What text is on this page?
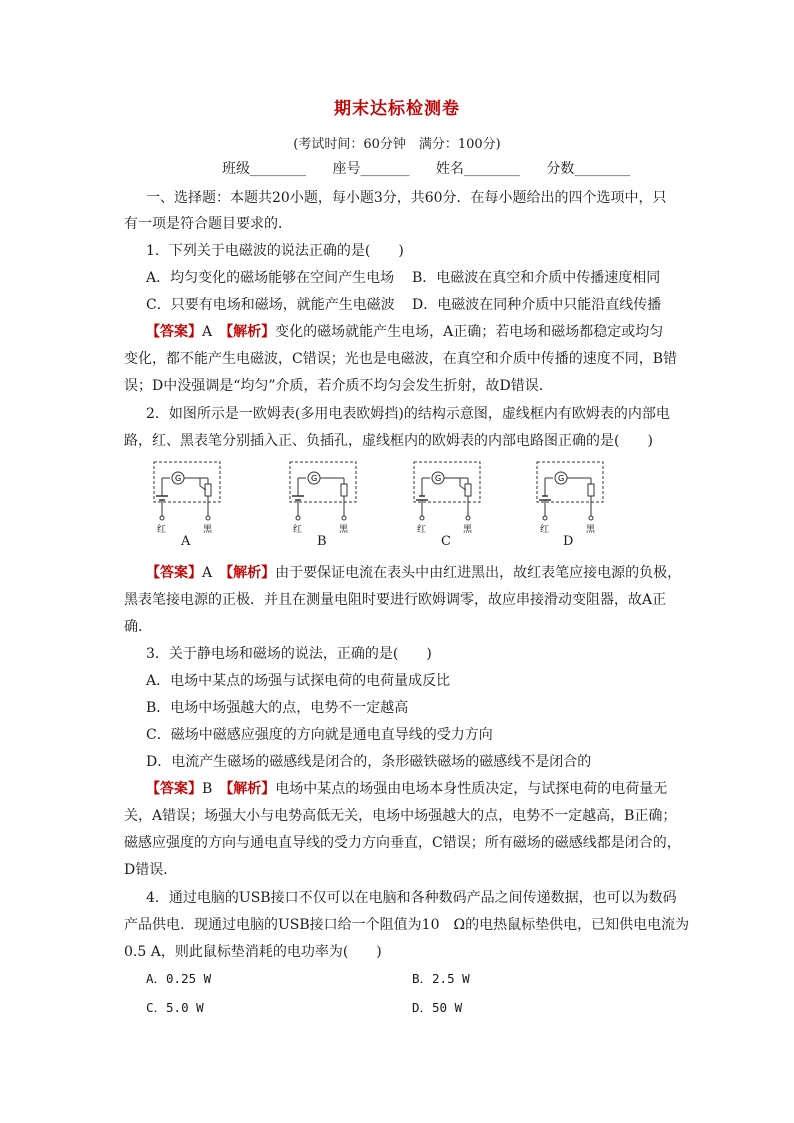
期末达标检测卷
(考试时间：60分钟　满分：100分)
班级________ 座号_______ 姓名________ 分数________
一、选择题：本题共20小题，每小题3分，共60分．在每小题给出的四个选项中，只
有一项是符合题目要求的．
1．下列关于电磁波的说法正确的是(　　)
A．均匀变化的磁场能够在空间产生电场 B．电磁波在真空和介质中传播速度相同
C．只要有电场和磁场，就能产生电磁波 D．电磁波在同种介质中只能沿直线传播
【答案】A　 【解析】变化的磁场就能产生电场，A正确；若电场和磁场都稳定或均匀
变化，都不能产生电磁波，C错误；光也是电磁波，在真空和介质中传播的速度不同，B错
误；D中没强调是“均匀”介质，若介质不均匀会发生折射，故D错误．
2．如图所示是一欧姆表(多用电表欧姆挡)的结构示意图，虚线框内有欧姆表的内部电
路，红、黑表笔分别插入正、负插孔，虚线框内的欧姆表的内部电路图正确的是(　　)
G
红	黑
G
红	黑
G
红	黑
G
红	黑
A	B	C	D
【答案】A　 【解析】由于要保证电流在表头中由红进黑出，故红表笔应接电源的负极，
黑表笔接电源的正极．并且在测量电阻时要进行欧姆调零，故应串接滑动变阻器，故A正
确．
3．关于静电场和磁场的说法，正确的是(　　)
A．电场中某点的场强与试探电荷的电荷量成反比
B．电场中场强越大的点，电势不一定越高
C．磁场中磁感应强度的方向就是通电直导线的受力方向
D．电流产生磁场的磁感线是闭合的，条形磁铁磁场的磁感线不是闭合的
【答案】B　 【解析】电场中某点的场强由电场本身性质决定，与试探电荷的电荷量无
关，A错误；场强大小与电势高低无关，电场中场强越大的点，电势不一定越高，B正确；
磁感应强度的方向与通电直导线的受力方向垂直，C错误；所有磁场的磁感线都是闭合的，
D错误．
4．通过电脑的USB接口不仅可以在电脑和各种数码产品之间传递数据，也可以为数码
产品供电．现通过电脑的USB接口给一个阻值为10　Ω的电热鼠标垫供电，已知供电电流为
0.5 A，则此鼠标垫消耗的电功率为(　　)
A．0.25 W	B．2.5 W
C．5.0 W	D．50 W
